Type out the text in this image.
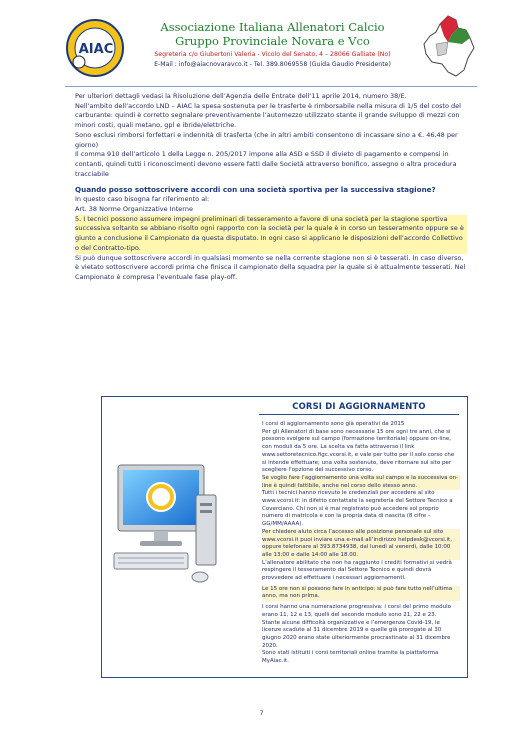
AIAC
Associazione Italiana Allenatori Calcio
Gruppo Provinciale Novara e Vco
Segreteria c/o Giubertoni Valeria - Vicolo del Senato, 4 – 28066 Galliate (No)
E-Mail : info@aiacnovaravco.it - Tel. 389.8069558 (Guida Gaudio Presidente)

Per ulteriori dettagli vedasi la Risoluzione dell’Agenzia delle Entrate dell’11 aprile 2014, numero 38/E.

Nell’ambito dell’accordo LND – AIAC la spesa sostenuta per le trasferte è rimborsabile nella misura di 1/5 del costo del carburante: quindi è corretto segnalare preventivamente l’automezzo utilizzato stante il grande sviluppo di mezzi con minori costi, quali metano, gpl e ibride/elettriche.

Sono esclusi rimborsi forfettari e indennità di trasferta (che in altri ambiti consentono di incassare sino a €. 46,48 per giorno)

Il comma 910 dell’articolo 1 della Legge n. 205/2017 impone alla ASD e SSD il divieto di pagamento e compensi in contanti, quindi tutti i riconoscimenti devono essere fatti dalle Società attraverso bonifico, assegno o altra procedura tracciabile

Quando posso sottoscrivere accordi con una società sportiva per la successiva stagione?

In questo caso bisogna far riferimento al:

Art. 38 Norme Organizzative Interne

5. I tecnici possono assumere impegni preliminari di tesseramento a favore di una società per la stagione sportiva successiva soltanto se abbiano risolto ogni rapporto con la società per la quale è in corso un tesseramento oppure se è giunto a conclusione il Campionato da questa disputato. In ogni caso si applicano le disposizioni dell’accordo Collettivo o del Contratto-tipo.

Si può dunque sottoscrivere accordi in qualsiasi momento se nella corrente stagione non si è tesserati. In caso diverso, è vietato sottoscrivere accordi prima che finisca il campionato della squadra per la quale si è attualmente tesserati. Nel Campionato è compresa l’eventuale fase play-off.

CORSI DI AGGIORNAMENTO

I corsi di aggiornamento sono già operativi da 2015

Per gli Allenatori di base sono necessarie 15 ore ogni tre anni, che si possono svolgere sul campo (formazione territoriale) oppure on-line, con moduli da 5 ore. La scelta va fatta attraverso il link www.settoretecnico.figc.vcorsi.it, e vale per tutto per il solo corso che si intende effettuare; una volta sostenuto, deve ritornare sul sito per scegliere l’opzione del successivo corso.

Se voglio fare l’aggiornamento una volta sul campo e la successiva on-line è quindi fattibile, anche nel corso dello stesso anno.

Tutti i tecnici hanno ricevuto le credenziali per accedere al sito www.vcorsi.it: in difetto contattate la segreteria del Settore Tecnico a Coverciano. Chi non si è mai registrato può accedere sol proprio numero di matricola e con la propria data di nascita (8 cifre – GG/MM/AAAA).

Per chiedere aiuto circa l’accesso alle posizione personale sul sito www.vcorsi.it puoi inviare una e-mail all’indirizzo helpdesk@vcorsi.it, oppure telefonare al 393.8734938, dal lunedì al venerdì, dalle 10:00 alle 13:00 e dalle 14:00 alle 18.00.

L’allenatore abilitato che non ha raggiunto i crediti formativi si vedrà respingere il tesseramento dal Settore Tecnico e quindi dovrà provvedere ad effettuare i necessari aggiornamenti.

Le 15 ore non si possono fare in anticipo: si può fare tutto nell’ultima anno, ma non prima.

I corsi hanno una numerazione progressiva: i corsi del primo modulo erano 11, 12 e 13, quelli del secondo modulo sono 21, 22 e 23.

Stante alcune difficoltà organizzative e l’emergenza Covid-19, le licenze scadute al 31 dicembre 2019 e quelle già prorogate al 30 giugno 2020 erano state ulteriormente procrastinate al 31 dicembre 2020.

Sono stati istituiti i corsi territoriali online tramite la piattaforma MyAiac.it.

7
